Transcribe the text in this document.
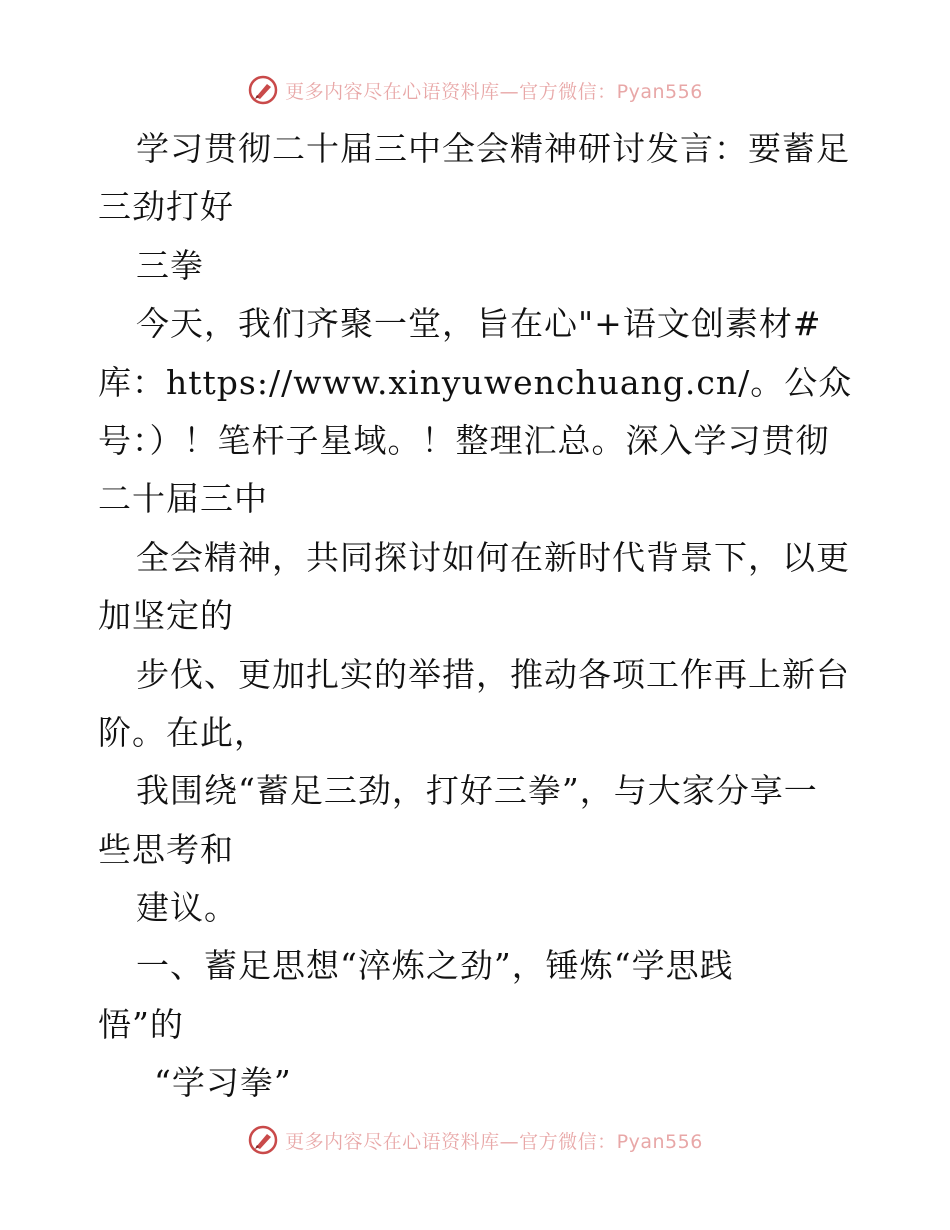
更多内容尽在心语资料库—官方微信：Pyan556
学习贯彻二十届三中全会精神研讨发言：要蓄足
三劲打好
三拳
今天，我们齐聚一堂，旨在心"+语文创素材#
库：https://www.xinyuwenchuang.cn/。公众
号：）！笔杆子星域。！整理汇总。深入学习贯彻
二十届三中
全会精神，共同探讨如何在新时代背景下，以更
加坚定的
步伐、更加扎实的举措，推动各项工作再上新台
阶。在此，
我围绕“蓄足三劲，打好三拳”，与大家分享一
些思考和
建议。
一、蓄足思想“淬炼之劲”，锤炼“学思践
悟”的
“学习拳”
更多内容尽在心语资料库—官方微信：Pyan556
